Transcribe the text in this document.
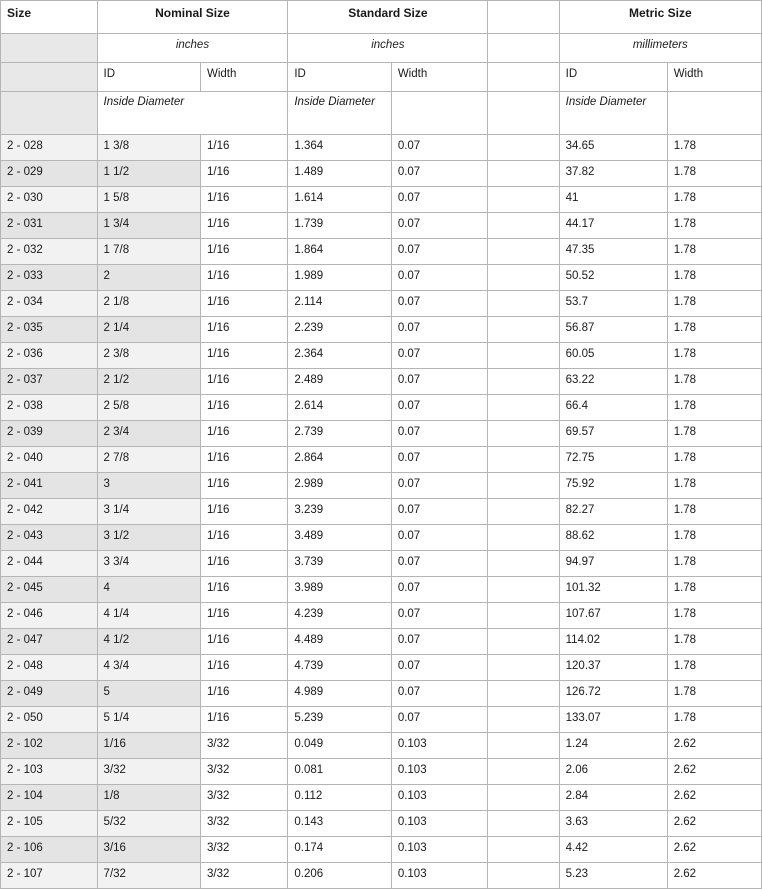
Size	Nominal Size		Standard Size			Metric Size	
	inches		inches			millimeters	
	ID	Width	ID	Width		ID	Width
	Inside Diameter		Inside Diameter			Inside Diameter	
2 - 028	1 3/8	1/16	1.364	0.07		34.65	1.78
2 - 029	1 1/2	1/16	1.489	0.07		37.82	1.78
2 - 030	1 5/8	1/16	1.614	0.07		41	1.78
2 - 031	1 3/4	1/16	1.739	0.07		44.17	1.78
2 - 032	1 7/8	1/16	1.864	0.07		47.35	1.78
2 - 033	2	1/16	1.989	0.07		50.52	1.78
2 - 034	2 1/8	1/16	2.114	0.07		53.7	1.78
2 - 035	2 1/4	1/16	2.239	0.07		56.87	1.78
2 - 036	2 3/8	1/16	2.364	0.07		60.05	1.78
2 - 037	2 1/2	1/16	2.489	0.07		63.22	1.78
2 - 038	2 5/8	1/16	2.614	0.07		66.4	1.78
2 - 039	2 3/4	1/16	2.739	0.07		69.57	1.78
2 - 040	2 7/8	1/16	2.864	0.07		72.75	1.78
2 - 041	3	1/16	2.989	0.07		75.92	1.78
2 - 042	3 1/4	1/16	3.239	0.07		82.27	1.78
2 - 043	3 1/2	1/16	3.489	0.07		88.62	1.78
2 - 044	3 3/4	1/16	3.739	0.07		94.97	1.78
2 - 045	4	1/16	3.989	0.07		101.32	1.78
2 - 046	4 1/4	1/16	4.239	0.07		107.67	1.78
2 - 047	4 1/2	1/16	4.489	0.07		114.02	1.78
2 - 048	4 3/4	1/16	4.739	0.07		120.37	1.78
2 - 049	5	1/16	4.989	0.07		126.72	1.78
2 - 050	5 1/4	1/16	5.239	0.07		133.07	1.78
2 - 102	1/16	3/32	0.049	0.103		1.24	2.62
2 - 103	3/32	3/32	0.081	0.103		2.06	2.62
2 - 104	1/8	3/32	0.112	0.103		2.84	2.62
2 - 105	5/32	3/32	0.143	0.103		3.63	2.62
2 - 106	3/16	3/32	0.174	0.103		4.42	2.62
2 - 107	7/32	3/32	0.206	0.103		5.23	2.62
